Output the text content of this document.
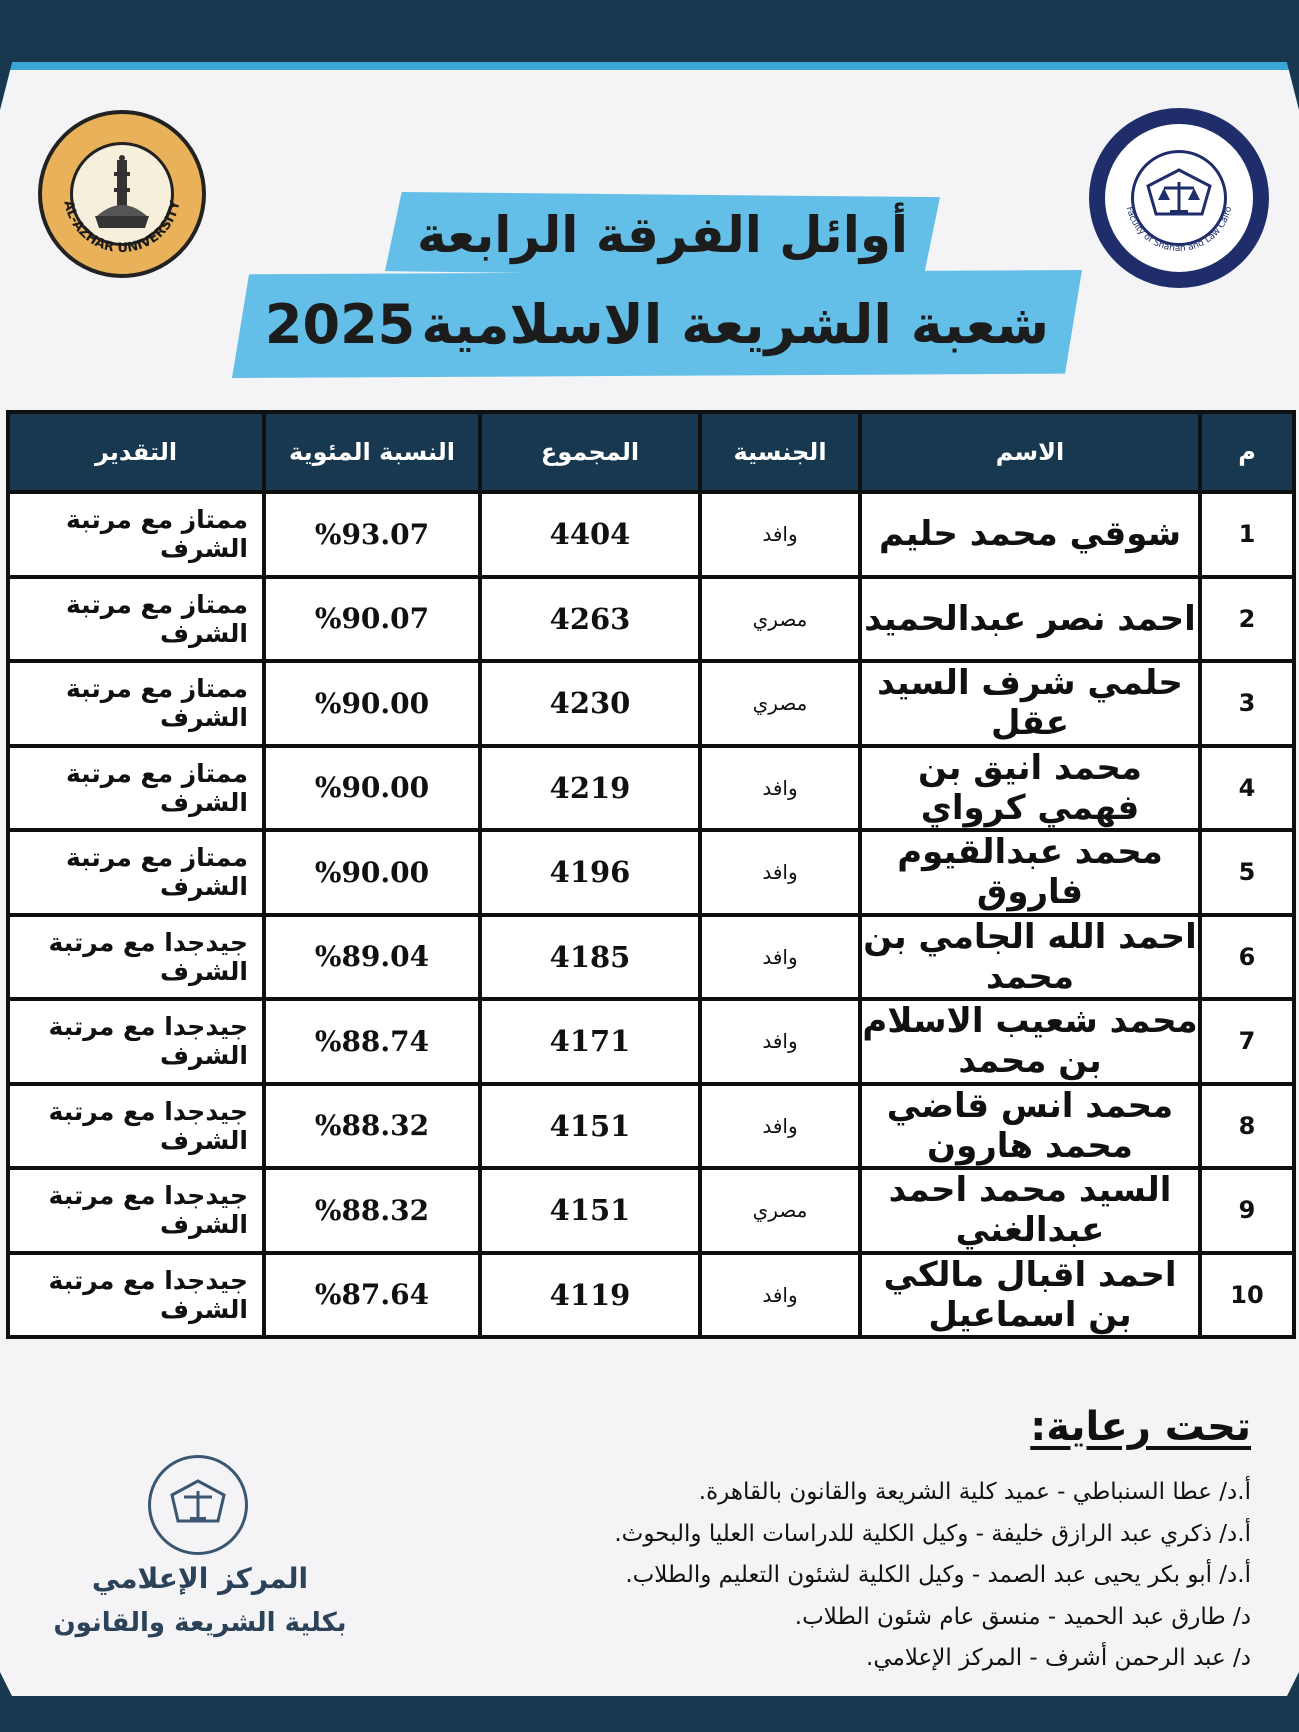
AL-AZHAR UNIVERSITY	Faculty of Shariah and Law Cairo
أوائل الفرقة الرابعة
شعبة الشريعة الاسلامية
2025
م	الاسم	الجنسية	المجموع	النسبة المئوية	التقدير
1	شوقي محمد حليم	وافد	4404	%93.07	ممتاز مع مرتبة الشرف
2	احمد نصر عبدالحميد	مصري	4263	%90.07	ممتاز مع مرتبة الشرف
3	حلمي شرف السيد عقل	مصري	4230	%90.00	ممتاز مع مرتبة الشرف
4	محمد انيق بن فهمي كرواي	وافد	4219	%90.00	ممتاز مع مرتبة الشرف
5	محمد عبدالقيوم فاروق	وافد	4196	%90.00	ممتاز مع مرتبة الشرف
6	احمد الله الجامي بن محمد	وافد	4185	%89.04	جيدجدا مع مرتبة الشرف
7	محمد شعيب الاسلام بن محمد	وافد	4171	%88.74	جيدجدا مع مرتبة الشرف
8	محمد انس قاضي محمد هارون	وافد	4151	%88.32	جيدجدا مع مرتبة الشرف
9	السيد محمد احمد عبدالغني	مصري	4151	%88.32	جيدجدا مع مرتبة الشرف
10	احمد اقبال مالكي بن اسماعيل	وافد	4119	%87.64	جيدجدا مع مرتبة الشرف
تحت رعاية:
أ.د/ عطا السنباطي - عميد كلية الشريعة والقانون بالقاهرة.
أ.د/ ذكري عبد الرازق خليفة - وكيل الكلية للدراسات العليا والبحوث.
أ.د/ أبو بكر يحيى عبد الصمد - وكيل الكلية لشئون التعليم والطلاب.
د/ طارق عبد الحميد - منسق عام شئون الطلاب.
د/ عبد الرحمن أشرف - المركز الإعلامي.
المركز الإعلامي
بكلية الشريعة والقانون
